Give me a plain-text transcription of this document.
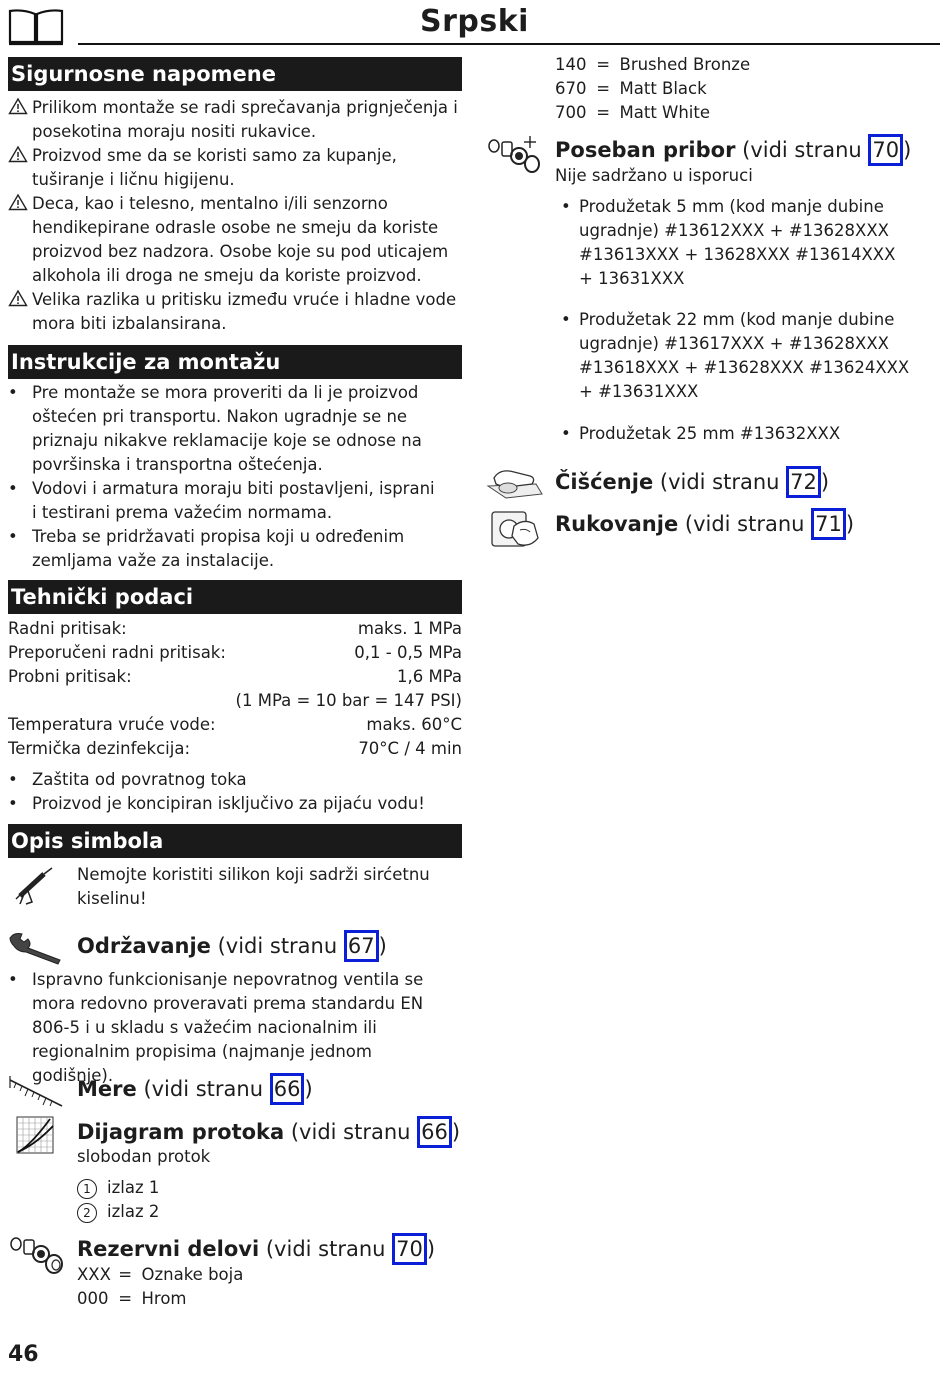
Srpski
Sigurnosne napomene
Prilikom montaže se radi sprečavanja prignječenja i posekotina moraju nositi rukavice.
Proizvod sme da se koristi samo za kupanje, tuširanje i ličnu higijenu.
Deca, kao i telesno, mentalno i/ili senzorno hendikepirane odrasle osobe ne smeju da koriste proizvod bez nadzora. Osobe koje su pod uticajem alkohola ili droga ne smeju da koriste proizvod.
Velika razlika u pritisku između vruće i hladne vode mora biti izbalansirana.
Instrukcije za montažu
• Pre montaže se mora proveriti da li je proizvod oštećen pri transportu. Nakon ugradnje se ne priznaju nikakve reklamacije koje se odnose na površinska i transportna oštećenja.
• Vodovi i armatura moraju biti postavljeni, isprani i testirani prema važećim normama.
• Treba se pridržavati propisa koji u određenim zemljama važe za instalacije.
Tehnički podaci
Radni pritisak:	maks. 1 MPa
Preporučeni radni pritisak:	0,1 - 0,5 MPa
Probni pritisak:	1,6 MPa
(1 MPa = 10 bar = 147 PSI)
Temperatura vruće vode:	maks. 60°C
Termička dezinfekcija:	70°C / 4 min
• Zaštita od povratnog toka
• Proizvod je koncipiran isključivo za pijaću vodu!
Opis simbola
Nemojte koristiti silikon koji sadrži sirćetnu kiselinu!
Održavanje (vidi stranu 67 )
• Ispravno funkcionisanje nepovratnog ventila se mora redovno proveravati prema standardu EN 806-5 i u skladu s važećim nacionalnim ili regionalnim propisima (najmanje jednom godišnje).
Mere (vidi stranu 66 )
Dijagram protoka (vidi stranu 66 )
slobodan protok
1 izlaz 1
2 izlaz 2
Rezervni delovi (vidi stranu 70 )
XXX = Oznake boja
000 = Hrom
140 = Brushed Bronze
670 = Matt Black
700 = Matt White
Poseban pribor (vidi stranu 70 )
Nije sadržano u isporuci
• Produžetak 5 mm (kod manje dubine ugradnje) #13612XXX + #13628XXX #13613XXX + 13628XXX #13614XXX + 13631XXX
• Produžetak 22 mm (kod manje dubine ugradnje) #13617XXX + #13628XXX #13618XXX + #13628XXX #13624XXX + #13631XXX
• Produžetak 25 mm #13632XXX
Čišćenje (vidi stranu 72 )
Rukovanje (vidi stranu 71 )
46
